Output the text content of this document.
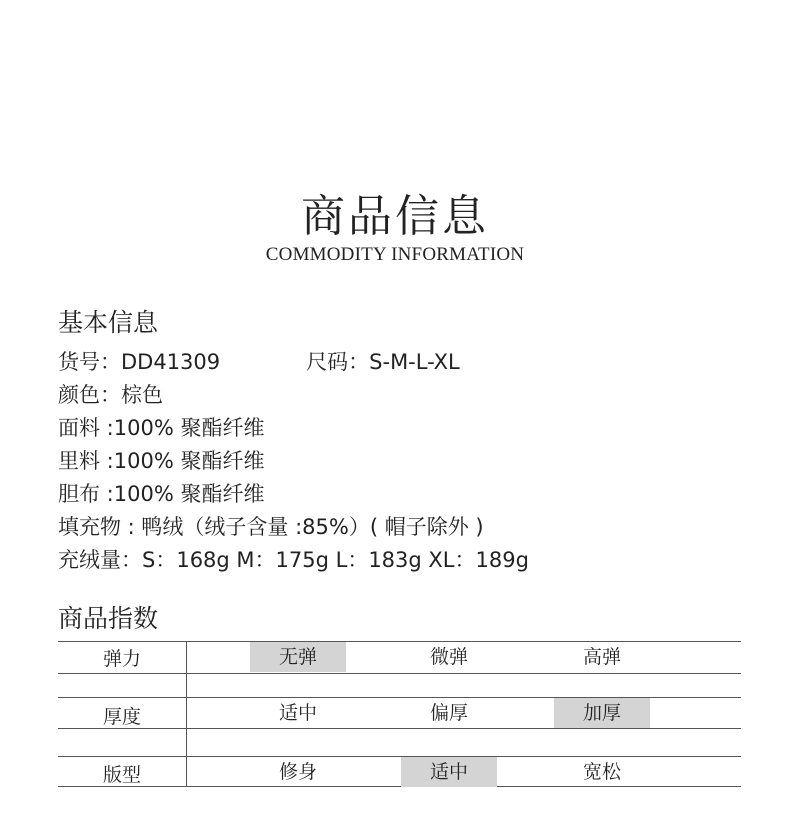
商品信息
COMMODITY INFORMATION
基本信息
货号：DD41309	尺码：S-M-L-XL
颜色：棕色
面料 :100% 聚酯纤维
里料 :100% 聚酯纤维
胆布 :100% 聚酯纤维
填充物 : 鸭绒（绒子含量 :85%）( 帽子除外 )
充绒量：S：168g M：175g L：183g XL：189g
商品指数
弹力	无弹	微弹	高弹
厚度	适中	偏厚	加厚
版型	修身	适中	宽松
